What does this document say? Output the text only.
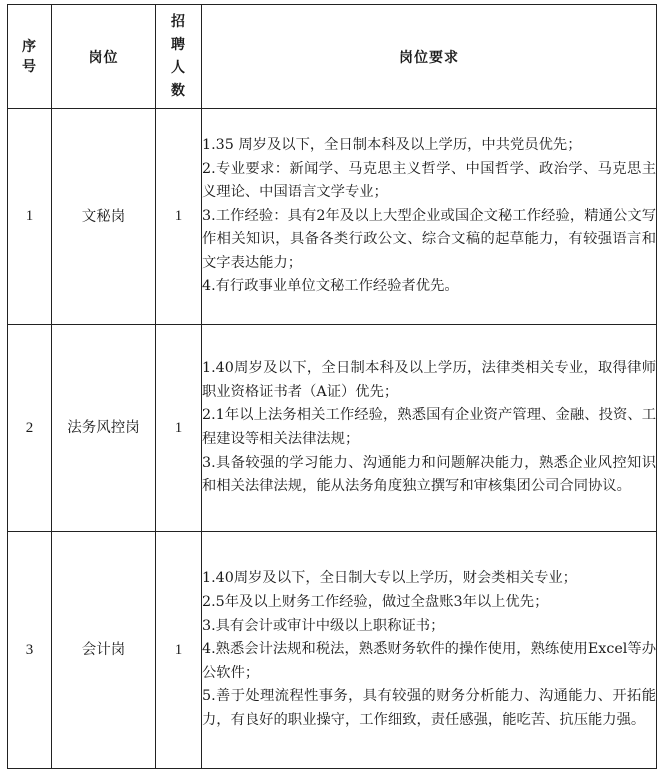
序号	岗位	招聘人数	岗位要求
1	文秘岗	1	1.35 周岁及以下，全日制本科及以上学历，中共党员优先；
2.专业要求：新闻学、马克思主义哲学、中国哲学、政治学、马克思主义理论、中国语言文学专业；
3.工作经验：具有2年及以上大型企业或国企文秘工作经验，精通公文写作相关知识，具备各类行政公文、综合文稿的起草能力，有较强语言和文字表达能力；
4.有行政事业单位文秘工作经验者优先。

2	法务风控岗	1	1.40周岁及以下，全日制本科及以上学历，法律类相关专业，取得律师职业资格证书者（A证）优先；
2.1年以上法务相关工作经验，熟悉国有企业资产管理、金融、投资、工程建设等相关法律法规；
3.具备较强的学习能力、沟通能力和问题解决能力，熟悉企业风控知识和相关法律法规，能从法务角度独立撰写和审核集团公司合同协议。

3	会计岗	1	1.40周岁及以下，全日制大专以上学历，财会类相关专业；
2.5年及以上财务工作经验，做过全盘账3年以上优先；
3.具有会计或审计中级以上职称证书；
4.熟悉会计法规和税法，熟悉财务软件的操作使用，熟练使用Excel等办公软件；
5.善于处理流程性事务，具有较强的财务分析能力、沟通能力、开拓能力，有良好的职业操守，工作细致，责任感强，能吃苦、抗压能力强。
